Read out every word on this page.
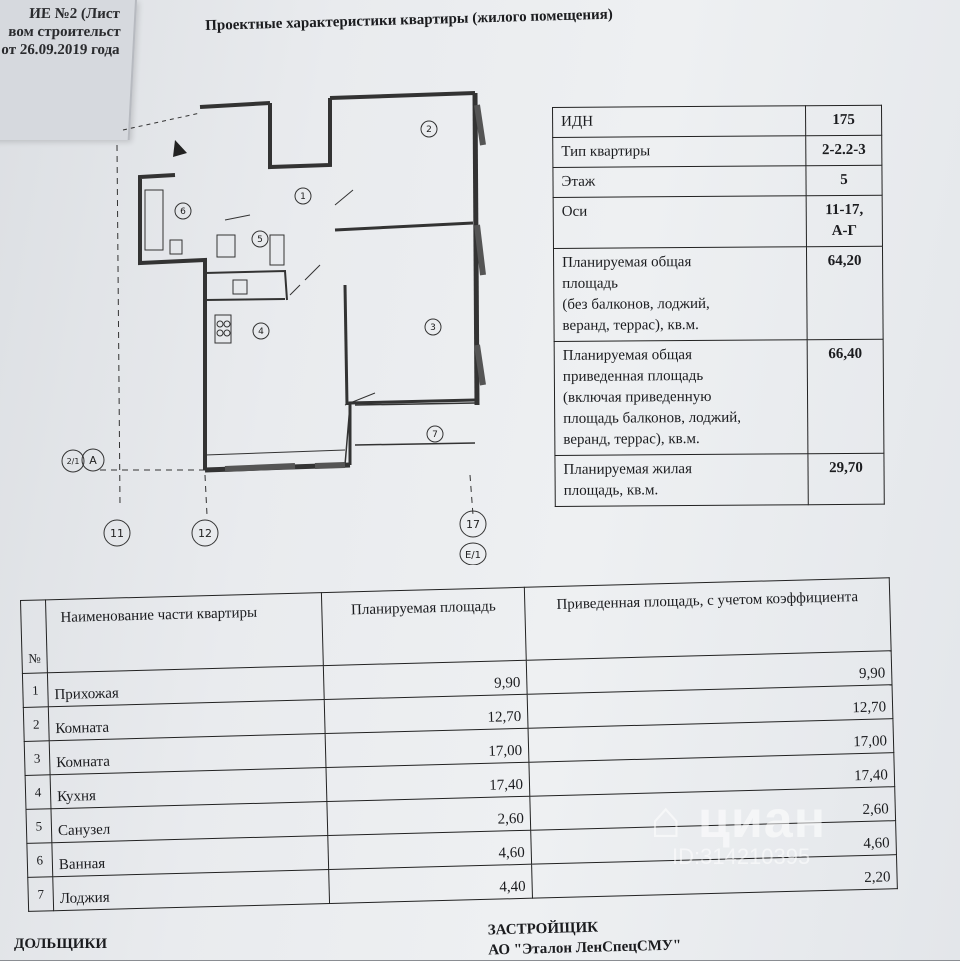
ИЕ №2 (Лист
вом строительст
от 26.09.2019 года
Проектные характеристики квартиры (жилого помещения)
1
2
3
4
5
6
7
11	12
17
А
2/1
Е/1
ИДН	175
Тип квартиры	2-2.2-3
Этаж	5
Оси	11-17,
А-Г
Планируемая общая
площадь
(без балконов, лоджий,
веранд, террас), кв.м.	64,20
Планируемая общая
приведенная площадь
(включая приведенную
площадь балконов, лоджий,
веранд, террас), кв.м.	66,40
Планируемая жилая
площадь, кв.м.	29,70
№	Наименование части квартиры	Планируемая площадь	Приведенная площадь, с учетом коэффициента
1	Прихожая	9,90	9,90
2	Комната	12,70	12,70
3	Комната	17,00	17,00
4	Кухня	17,40	17,40
5	Санузел	2,60	2,60
6	Ванная	4,60	4,60
7	Лоджия	4,40	2,20
ЗАСТРОЙЩИК
АО "Эталон ЛенСпецСМУ"
ДОЛЬЩИКИ
⌂ циан
ID:314210395
